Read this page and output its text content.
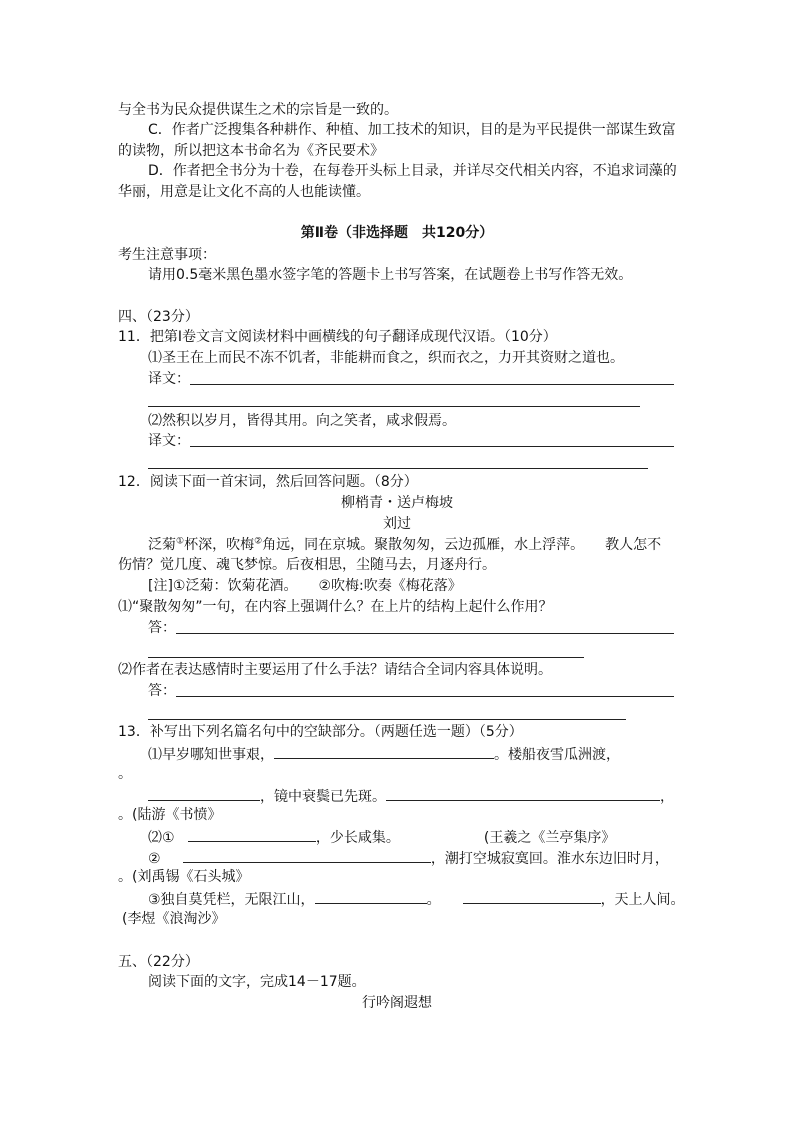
与全书为民众提供谋生之术的宗旨是一致的。
C．作者广泛搜集各种耕作、种植、加工技术的知识，目的是为平民提供一部谋生致富
的读物，所以把这本书命名为《齐民要术》
D．作者把全书分为十卷，在每卷开头标上目录，并详尽交代相关内容，不追求词藻的
华丽，用意是让文化不高的人也能读懂。
第Ⅱ卷（非选择题　共120分）
考生注意事项：
请用0.5毫米黑色墨水签字笔的答题卡上书写答案，在试题卷上书写作答无效。
四、（23分）
11．把第Ⅰ卷文言文阅读材料中画横线的句子翻译成现代汉语。（10分）
⑴圣王在上而民不冻不饥者，非能耕而食之，织而衣之，力开其资财之道也。
译文：
⑵然积以岁月，皆得其用。向之笑者，咸求假焉。
译文：
12．阅读下面一首宋词，然后回答问题。（8分）
柳梢青・送卢梅坡
刘过
泛菊①杯深，吹梅②角远，同在京城。聚散匆匆，云边孤雁，水上浮萍。　　教人怎不
伤情？觉几度、魂飞梦惊。后夜相思，尘随马去，月逐舟行。
[注]①泛菊：饮菊花酒。　　②吹梅:吹奏《梅花落》
⑴“聚散匆匆”一句，在内容上强调什么？在上片的结构上起什么作用？
答：
⑵作者在表达感情时主要运用了什么手法？请结合全词内容具体说明。
答：
13．补写出下列名篇名句中的空缺部分。（两题任选一题）（5分）
⑴早岁哪知世事艰，	。楼船夜雪瓜洲渡，
。
，镜中衰鬓已先斑。	，
。(陆游《书愤》
⑵①	，少长咸集。	(王羲之《兰亭集序》
②	，潮打空城寂寞回。淮水东边旧时月，
。(刘禹锡《石头城》
③独自莫凭栏，无限江山，	。	，天上人间。
(李煜《浪淘沙》
五、（22分）
阅读下面的文字，完成14－17题。
行吟阁遐想
